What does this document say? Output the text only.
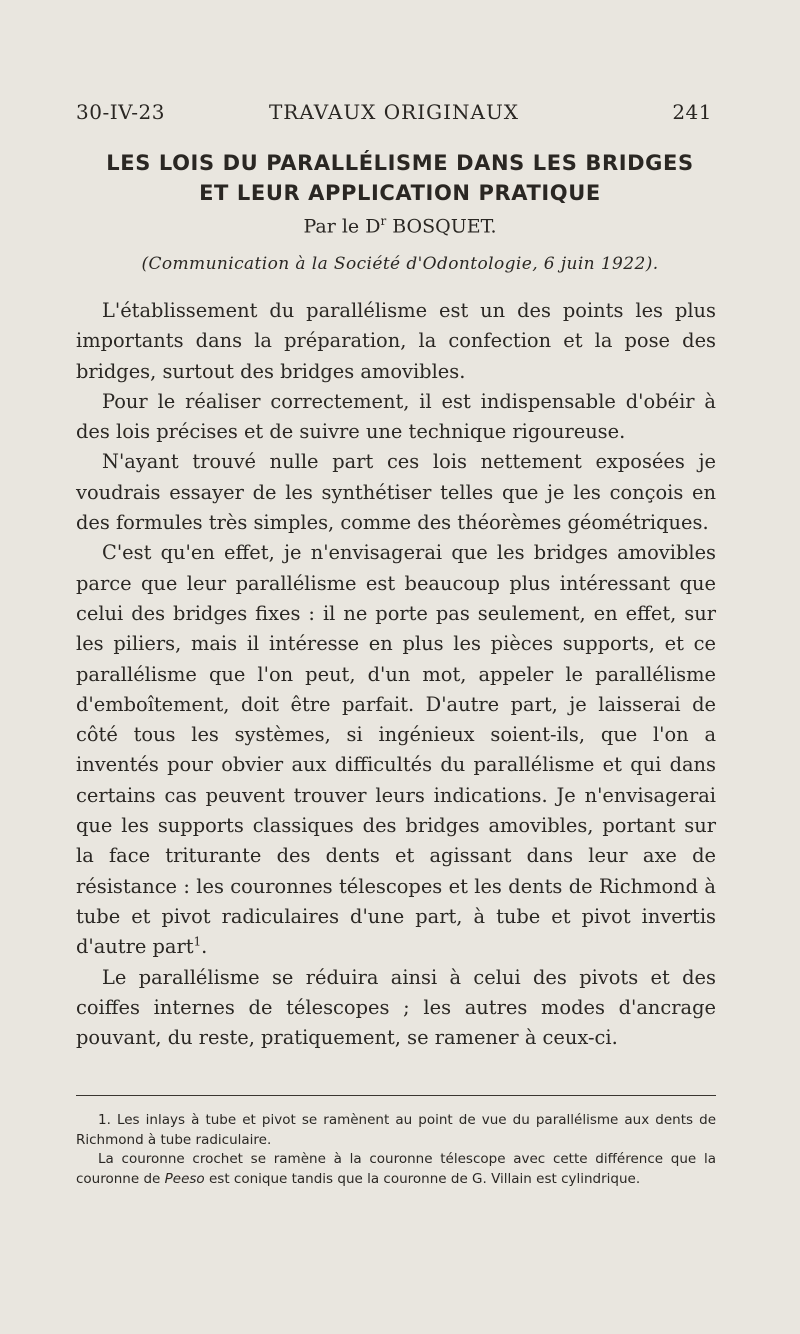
30-IV-23	TRAVAUX ORIGINAUX	241
LES LOIS DU PARALLÉLISME DANS LES BRIDGES
ET LEUR APPLICATION PRATIQUE
Par le $D^r$ BOSQUET.
(Communication à la Société d'Odontologie, 6 juin 1922).

L'établissement du parallélisme est un des points les plus importants dans la préparation, la confection et la pose des bridges, surtout des bridges amovibles.

Pour le réaliser correctement, il est indispensable d'obéir à des lois précises et de suivre une technique rigoureuse.

N'ayant trouvé nulle part ces lois nettement exposées je voudrais essayer de les synthétiser telles que je les conçois en des formules très simples, comme des théorèmes géométriques.

C'est qu'en effet, je n'envisagerai que les bridges amovibles parce que leur parallélisme est beaucoup plus intéressant que celui des bridges fixes : il ne porte pas seulement, en effet, sur les piliers, mais il intéresse en plus les pièces supports, et ce parallélisme que l'on peut, d'un mot, appeler le parallélisme d'emboîtement, doit être parfait. D'autre part, je laisserai de côté tous les systèmes, si ingénieux soient-ils, que l'on a inventés pour obvier aux difficultés du parallélisme et qui dans certains cas peuvent trouver leurs indications. Je n'envisagerai que les supports classiques des bridges amovibles, portant sur la face triturante des dents et agissant dans leur axe de résistance : les couronnes télescopes et les dents de Richmond à tube et pivot radiculaires d'une part, à tube et pivot invertis d'autre part$^1$.

Le parallélisme se réduira ainsi à celui des pivots et des coiffes internes de télescopes ; les autres modes d'ancrage pouvant, du reste, pratiquement, se ramener à ceux-ci.

1. Les inlays à tube et pivot se ramènent au point de vue du parallélisme aux dents de Richmond à tube radiculaire.

La couronne crochet se ramène à la couronne télescope avec cette différence que la couronne de Peeso est conique tandis que la couronne de G. Villain est cylindrique.
